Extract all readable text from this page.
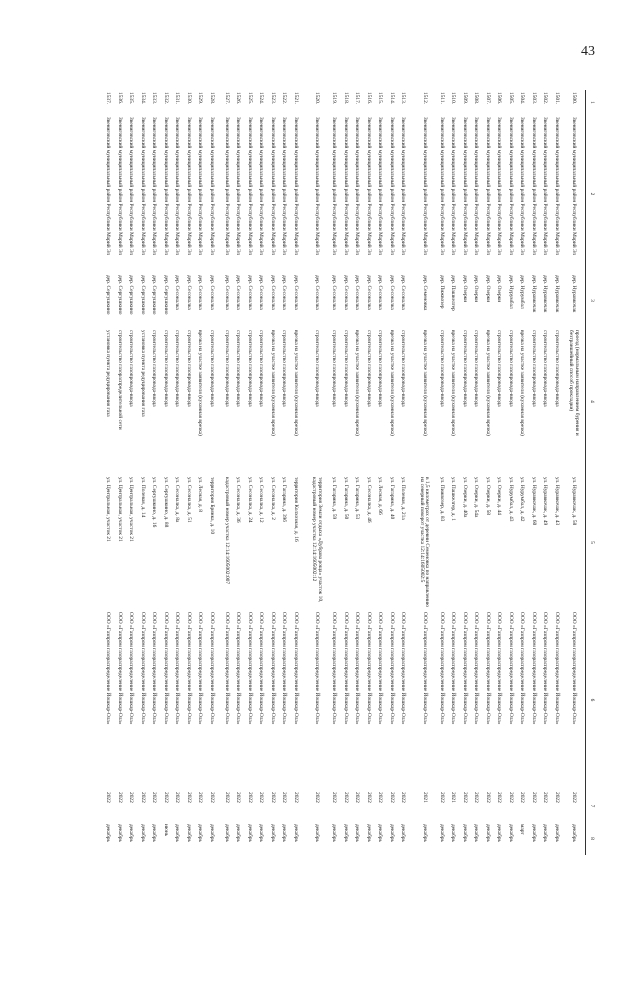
43
1	2	3	4	5	6	7	8
1500.	Звениговский муниципальный район Республики Марий Эл	дер. Нуравкочак	проезд (нормальным направлением бурения и безтраншейный способ прокладки)	ул. Нуравкочак, д. 58	ООО «Газпром газораспределение Йошкар-Ола»	2022	декабрь
1501.	Звениговский муниципальный район Республики Марий Эл	дер. Нуравкочак	строительство газопровода-ввода	ул. Нуравкочак, д. 43	ООО «Газпром газораспределение Йошкар-Ола»	2022	декабрь
1502.	Звениговский муниципальный район Республики Марий Эл	дер. Нуравкочак	строительство газопровода-ввода	ул. Нуравкочак, д. 49	ООО «Газпром газораспределение Йошкар-Ола»	2022	декабрь
1503.	Звениговский муниципальный район Республики Марий Эл	дер. Нуравкочак	строительство газопровода-ввода	ул. Нуравкочак, д. 60	ООО «Газпром газораспределение Йошкар-Ола»	2022	декабрь
1504.	Звениговский муниципальный район Республики Марий Эл	дер. Нурумбал	врезка на участке заявителя (кухонная врезка)	ул. Нурумбал, д. 42	ООО «Газпром газораспределение Йошкар-Ола»	2022	март
1505.	Звениговский муниципальный район Республики Марий Эл	дер. Нурумбал	строительство газопровода-ввода	ул. Нурумбал, д. 43	ООО «Газпром газораспределение Йошкар-Ола»	2022	декабрь
1506.	Звениговский муниципальный район Республики Марий Эл	дер. Озерки	строительство газопровода-ввода	ул. Озерки, д. 44	ООО «Газпром газораспределение Йошкар-Ола»	2022	декабрь
1507.	Звениговский муниципальный район Республики Марий Эл	дер. Озерки	врезка на участке заявителя (кухонная врезка)	ул. Озерки, д. 58	ООО «Газпром газораспределение Йошкар-Ола»	2022	декабрь
1508.	Звениговский муниципальный район Республики Марий Эл	дер. Озерки	строительство газопровода-ввода	ул. Озерки, д. 54а	ООО «Газпром газораспределение Йошкар-Ола»	2022	декабрь
1509.	Звениговский муниципальный район Республики Марий Эл	дер. Озерки	строительство газопровода-ввода	ул. Озерки, д. 40а	ООО «Газпром газораспределение Йошкар-Ола»	2022	декабрь
1510.	Звениговский муниципальный район Республики Марий Эл	дер. Пашкелгер	врезка на участке заявителя (кухонная врезка)	ул. Пашкелгер, д. 1	ООО «Газпром газораспределение Йошкар-Ола»	2021	декабрь
1511.	Звениговский муниципальный район Республики Марий Эл	дер. Пижвозер	строительство газопровода-ввода	ул. Пижвозер, д. 83	ООО «Газпром газораспределение Йошкар-Ола»	2022	декабрь
1512.	Звениговский муниципальный район Республики Марий Эл	дер. Семеновка	врезка на участке заявителя (кухонная врезка)	в 1,5 километрах от деревни Семеновка по направлению на северный поворот участка 12:14:1605002:5	ООО «Газпром газораспределение Йошкар-Ола»	2021	декабрь

1513.	Звениговский муниципальный район Республики Марий Эл	дер. Сесоналка	строительство газопровода-ввода	ул. Полевая, д. 21а	ООО «Газпром газораспределение Йошкар-Ола»	2022	декабрь
1514.	Звениговский муниципальный район Республики Марий Эл	дер. Сесоналка	врезка на участке заявителя (кухонная врезка)	ул. Гагарина, д. 40	ООО «Газпром газораспределение Йошкар-Ола»	2022	декабрь
1515.	Звениговский муниципальный район Республики Марий Эл	дер. Сесоналка	строительство газопровода-ввода	ул. Лесная, д. 66	ООО «Газпром газораспределение Йошкар-Ола»	2022	декабрь
1516.	Звениговский муниципальный район Республики Марий Эл	дер. Сесоналка	строительство газопровода-ввода	ул. Сесоналка, д. 46	ООО «Газпром газораспределение Йошкар-Ола»	2022	декабрь
1517.	Звениговский муниципальный район Республики Марий Эл	дер. Сесоналка	врезка на участке заявителя (кухонная врезка)	ул. Гагарина, д. 53	ООО «Газпром газораспределение Йошкар-Ола»	2022	декабрь
1518.	Звениговский муниципальный район Республики Марий Эл	дер. Сесоналка	строительство газопровода-ввода	ул. Гагарина, д. 50	ООО «Газпром газораспределение Йошкар-Ола»	2022	декабрь
1519.	Звениговский муниципальный район Республики Марий Эл	дер. Сесоналка	строительство газопровода-ввода	ул. Гагарина, д. 59	ООО «Газпром газораспределение Йошкар-Ола»	2022	декабрь
1520.	Звениговский муниципальный район Республики Марий Эл	дер. Сесоналка	строительство газопровода-ввода	территория Земли отдыха «Дубрава роща» участок 10, кадастровый номер участка 12:14:1605002:12	ООО «Газпром газораспределение Йошкар-Ола»	2022	декабрь

1521.	Звениговский муниципальный район Республики Марий Эл	дер. Сесоналка	врезка на участке заявителя (кухонная врезка)	территория Колхозная, д. 16	ООО «Газпром газораспределение Йошкар-Ола»	2022	декабрь
1522.	Звениговский муниципальный район Республики Марий Эл	дер. Сесоналка	строительство газопровода-ввода	ул. Гагарина, д. 39б	ООО «Газпром газораспределение Йошкар-Ола»	2022	декабрь
1523.	Звениговский муниципальный район Республики Марий Эл	дер. Сесоналка	врезка на участке заявителя (кухонная врезка)	ул. Сесоналка, д. 2	ООО «Газпром газораспределение Йошкар-Ола»	2022	декабрь
1524.	Звениговский муниципальный район Республики Марий Эл	дер. Сесоналка	строительство газопровода-ввода	ул. Сесоналка, д. 12	ООО «Газпром газораспределение Йошкар-Ола»	2022	декабрь
1525.	Звениговский муниципальный район Республики Марий Эл	дер. Сесоналка	строительство газопровода-ввода	ул. Сесоналка, д. 24	ООО «Газпром газораспределение Йошкар-Ола»	2022	декабрь
1526.	Звениговский муниципальный район Республики Марий Эл	дер. Сесоналка	строительство газопровода-ввода	ул. Сесоналка, д. 36	ООО «Газпром газораспределение Йошкар-Ола»	2022	декабрь
1527.	Звениговский муниципальный район Республики Марий Эл	дер. Сесоналка	строительство газопровода-ввода	кадастровый номер участка 12:14:1605002:007	ООО «Газпром газораспределение Йошкар-Ола»	2022	декабрь

1528.	Звениговский муниципальный район Республики Марий Эл	дер. Сесоналка	строительство газопровода-ввода	территория Брянка, д. 10	ООО «Газпром газораспределение Йошкар-Ола»	2022	декабрь
1529.	Звениговский муниципальный район Республики Марий Эл	дер. Сесоналка	врезка на участке заявителя (кухонная врезка)	ул. Лесная, д. 8	ООО «Газпром газораспределение Йошкар-Ола»	2022	декабрь
1530.	Звениговский муниципальный район Республики Марий Эл	дер. Сесоналка	строительство газопровода-ввода	ул. Сесоналка, д. 51	ООО «Газпром газораспределение Йошкар-Ола»	2022	декабрь
1531.	Звениговский муниципальный район Республики Марий Эл	дер. Сесоналка	строительство газопровода-ввода	ул. Сесоналка, д. 8а	ООО «Газпром газораспределение Йошкар-Ола»	2022	декабрь
1532.	Звениговский муниципальный район Республики Марий Эл	дер. Сергушкино	строительство газопровода-ввода	ул. Сергушкино, д. 88	ООО «Газпром газораспределение Йошкар-Ола»	2022	июнь
1533.	Звениговский муниципальный район Республики Марий Эл	дер. Сергушкино	строительство газопровода-ввода	ул. Сергушкино, д. 16	ООО «Газпром газораспределение Йошкар-Ола»	2022	декабрь
1534.	Звениговский муниципальный район Республики Марий Эл	дер. Сергушкино	установка пункта редуцирования газа	ул. Полевая, д. 14	ООО «Газпром газораспределение Йошкар-Ола»	2022	декабрь
1535.	Звениговский муниципальный район Республики Марий Эл	дер. Сергушкино	строительство газопровода-ввода	ул. Центральная, участок 21	ООО «Газпром газораспределение Йошкар-Ола»	2022	декабрь
1536.	Звениговский муниципальный район Республики Марий Эл	дер. Сергушкино	строительство газораспределительной сети	ул. Центральная, участок 21	ООО «Газпром газораспределение Йошкар-Ола»	2022	декабрь
1537.	Звениговский муниципальный район Республики Марий Эл	дер. Сергушкино	установка пункта редуцирования газа	ул. Центральная, участок 21	ООО «Газпром газораспределение Йошкар-Ола»	2022	декабрь
